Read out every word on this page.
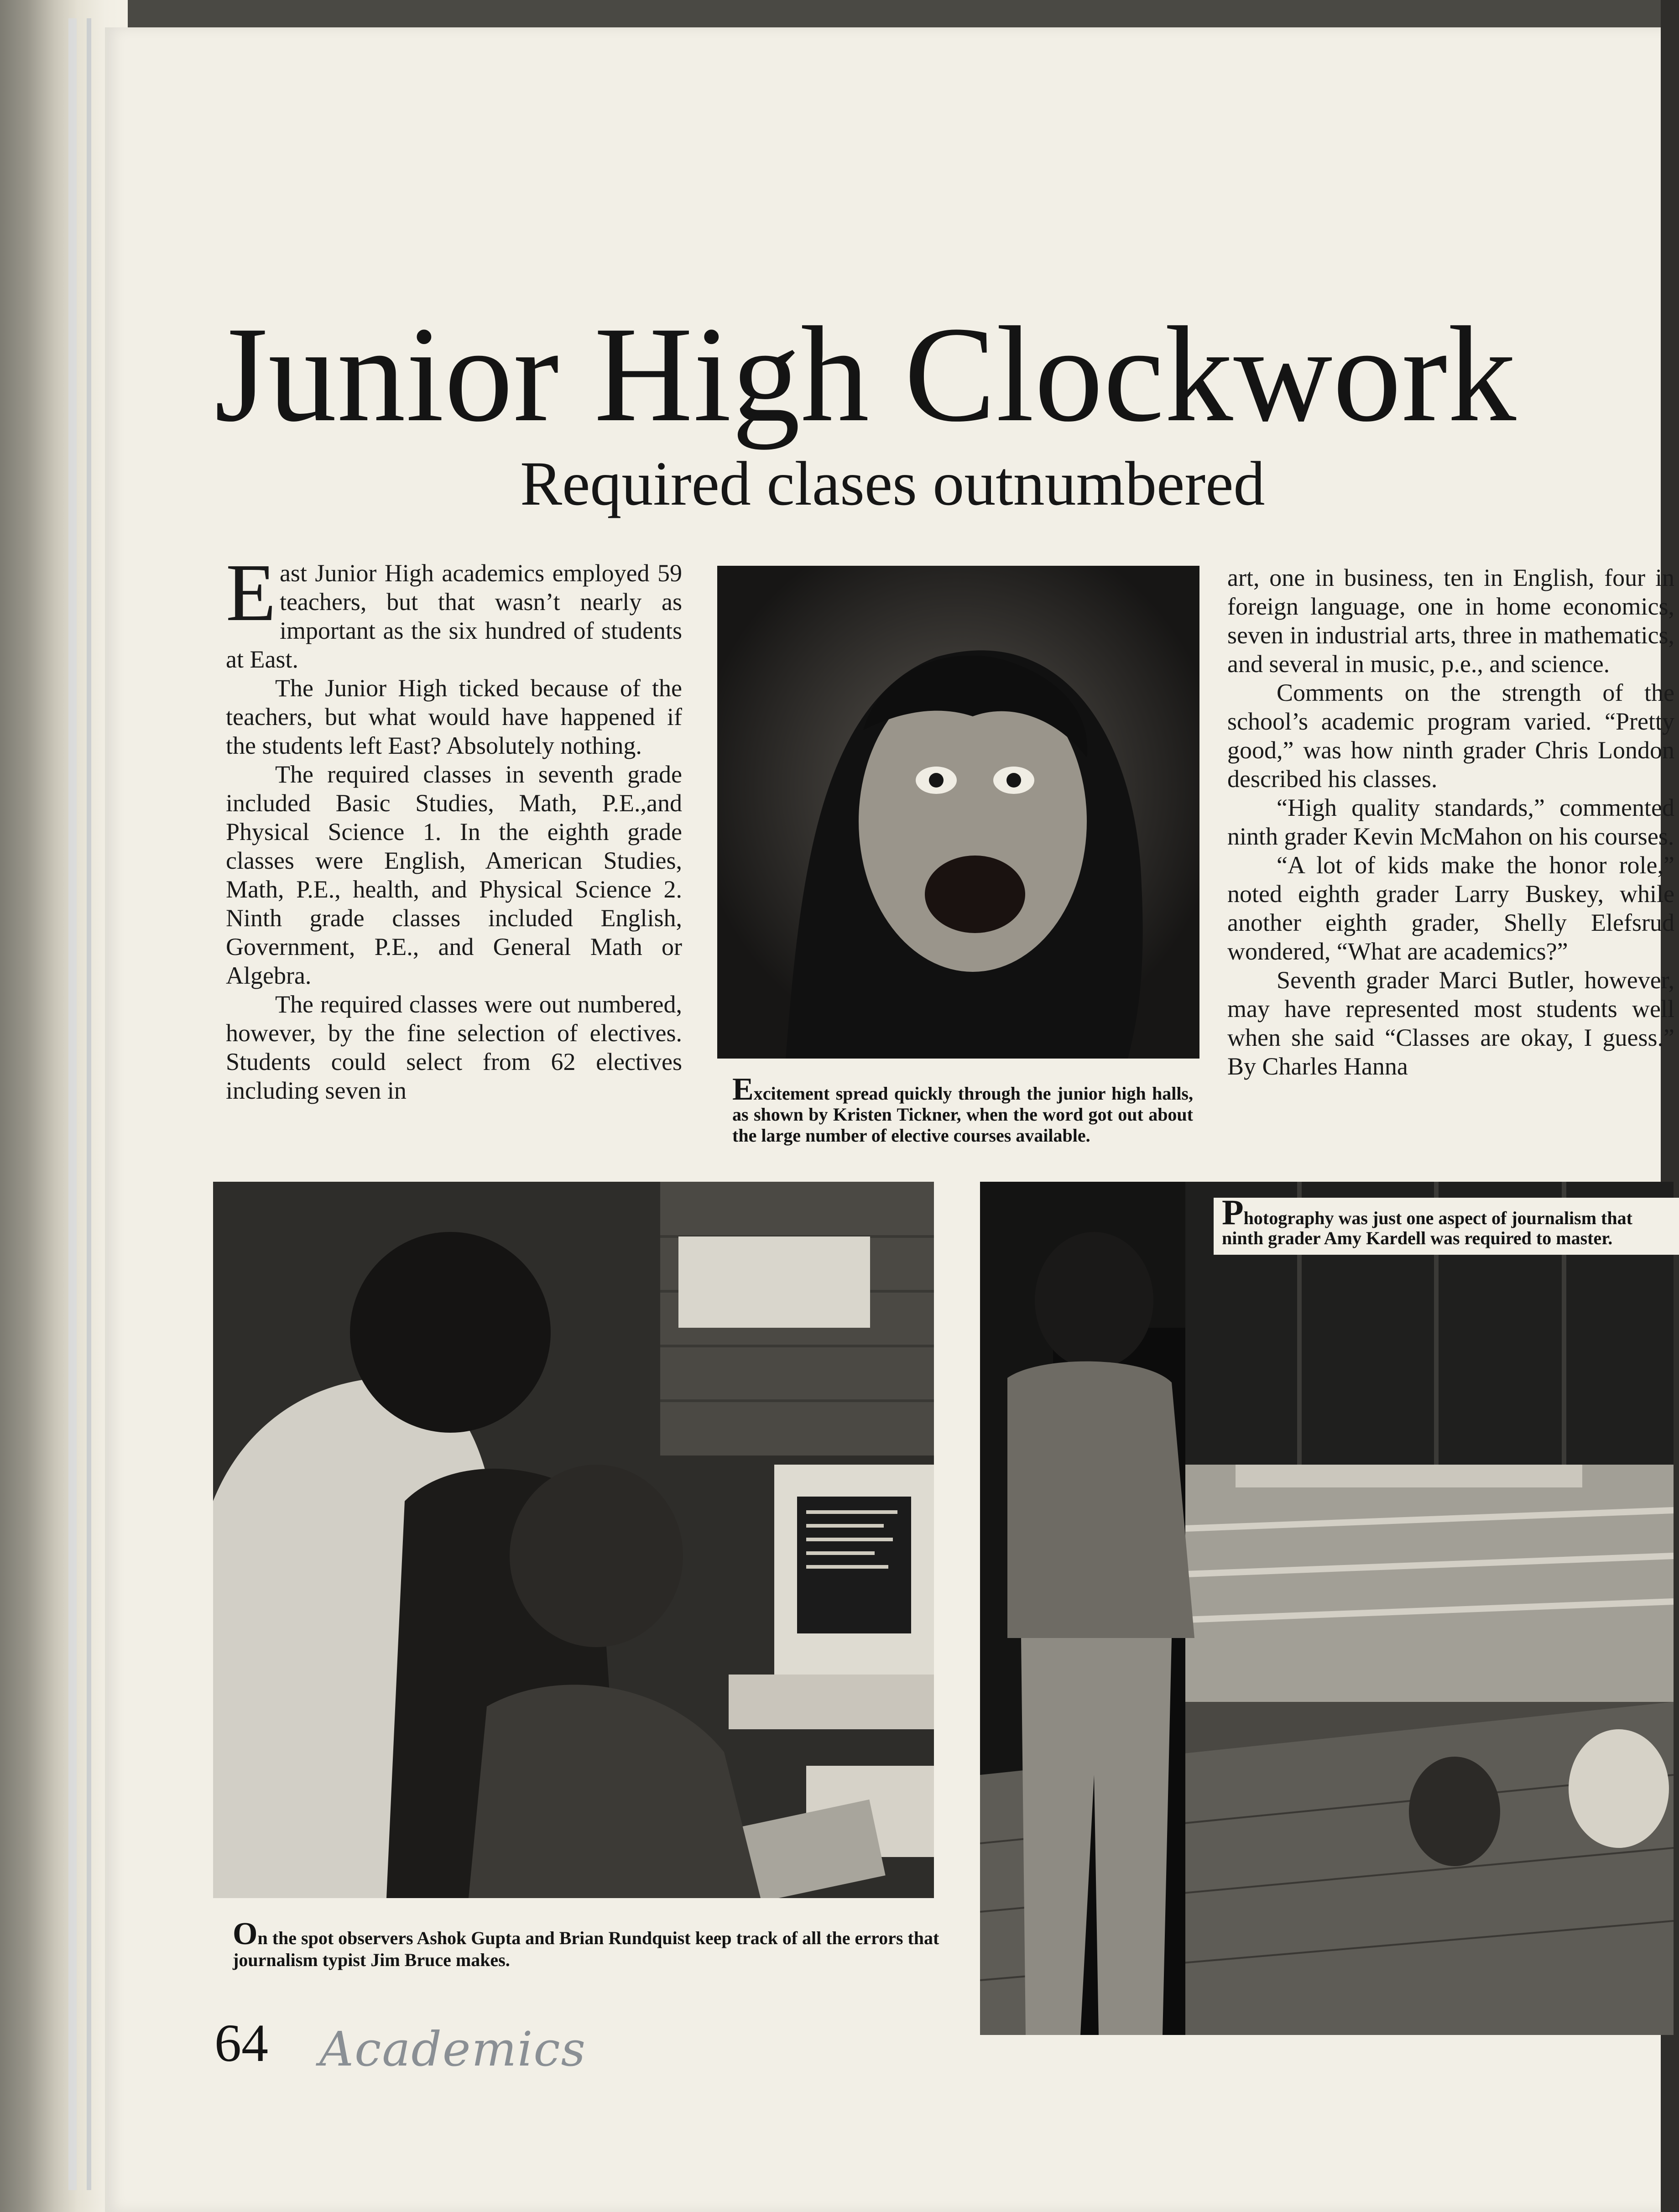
Junior High Clockwork
Required clases outnumbered

East Junior High academics employed 59 teachers, but that wasn’t nearly as important as the six hundred of students at East.

The Junior High ticked because of the teachers, but what would have happened if the students left East? Absolutely nothing.

The required classes in seventh grade included Basic Studies, Math, P.E.,and Physical Science 1. In the eighth grade classes were English, American Studies, Math, P.E., health, and Physical Science 2. Ninth grade classes included English, Government, P.E., and General Math or Algebra.

The required classes were out numbered, however, by the fine selection of electives. Students could select from 62 electives including seven in	Excitement spread quickly through the junior high halls, as shown by Kristen Tickner, when the word got out about the large number of elective courses available.

art, one in business, ten in English, four in foreign language, one in home economics, seven in industrial arts, three in mathematics, and several in music, p.e., and science.

Comments on the strength of the school’s academic program varied. “Pretty good,” was how ninth grader Chris London described his classes.

“High quality standards,” commented ninth grader Kevin McMahon on his courses.

“A lot of kids make the honor role,” noted eighth grader Larry Buskey, while another eighth grader, Shelly Elefsrud wondered, “What are academics?”

Seventh grader Marci Butler, however, may have represented most students well when she said “Classes are okay, I guess.” By Charles Hanna

On the spot observers Ashok Gupta and Brian Rundquist keep track of all the errors that journalism typist Jim Bruce makes.
Photography was just one aspect of journalism that ninth grader Amy Kardell was required to master.
64 Academics
